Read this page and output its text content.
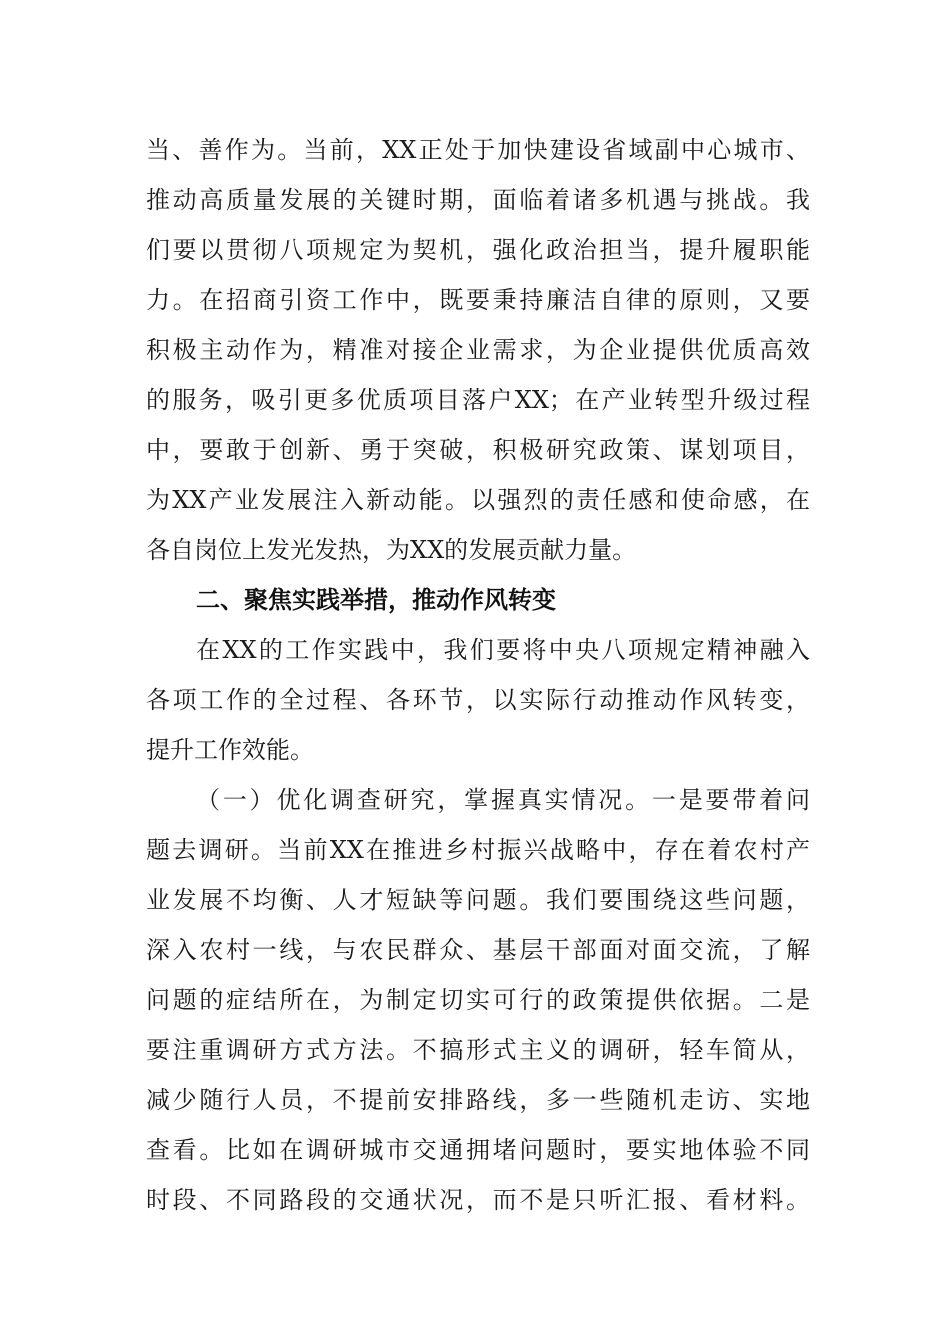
当、善作为。当前，XX正处于加快建设省域副中心城市、
推动高质量发展的关键时期，面临着诸多机遇与挑战。我
们要以贯彻八项规定为契机，强化政治担当，提升履职能
力。在招商引资工作中，既要秉持廉洁自律的原则，又要
积极主动作为，精准对接企业需求，为企业提供优质高效
的服务，吸引更多优质项目落户XX；在产业转型升级过程
中，要敢于创新、勇于突破，积极研究政策、谋划项目，
为XX产业发展注入新动能。以强烈的责任感和使命感，在
各自岗位上发光发热，为XX的发展贡献力量。
二、聚焦实践举措，推动作风转变
在XX的工作实践中，我们要将中央八项规定精神融入
各项工作的全过程、各环节，以实际行动推动作风转变，
提升工作效能。
（一）优化调查研究，掌握真实情况。一是要带着问
题去调研。当前XX在推进乡村振兴战略中，存在着农村产
业发展不均衡、人才短缺等问题。我们要围绕这些问题，
深入农村一线，与农民群众、基层干部面对面交流，了解
问题的症结所在，为制定切实可行的政策提供依据。二是
要注重调研方式方法。不搞形式主义的调研，轻车简从，
减少随行人员，不提前安排路线，多一些随机走访、实地
查看。比如在调研城市交通拥堵问题时，要实地体验不同
时段、不同路段的交通状况，而不是只听汇报、看材料。
